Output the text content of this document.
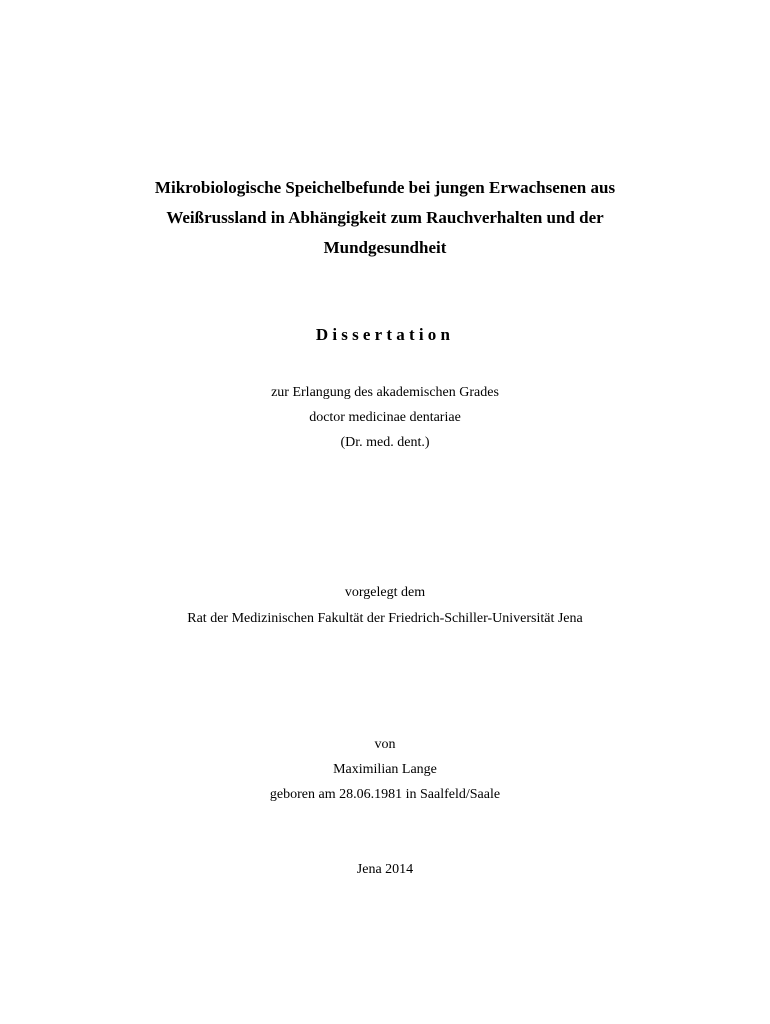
Mikrobiologische Speichelbefunde bei jungen Erwachsenen aus
Weißrussland in Abhängigkeit zum Rauchverhalten und der
Mundgesundheit
Dissertation
zur Erlangung des akademischen Grades
doctor medicinae dentariae
(Dr. med. dent.)
vorgelegt dem
Rat der Medizinischen Fakultät der Friedrich-Schiller-Universität Jena
von
Maximilian Lange
geboren am 28.06.1981 in Saalfeld/Saale
Jena 2014
